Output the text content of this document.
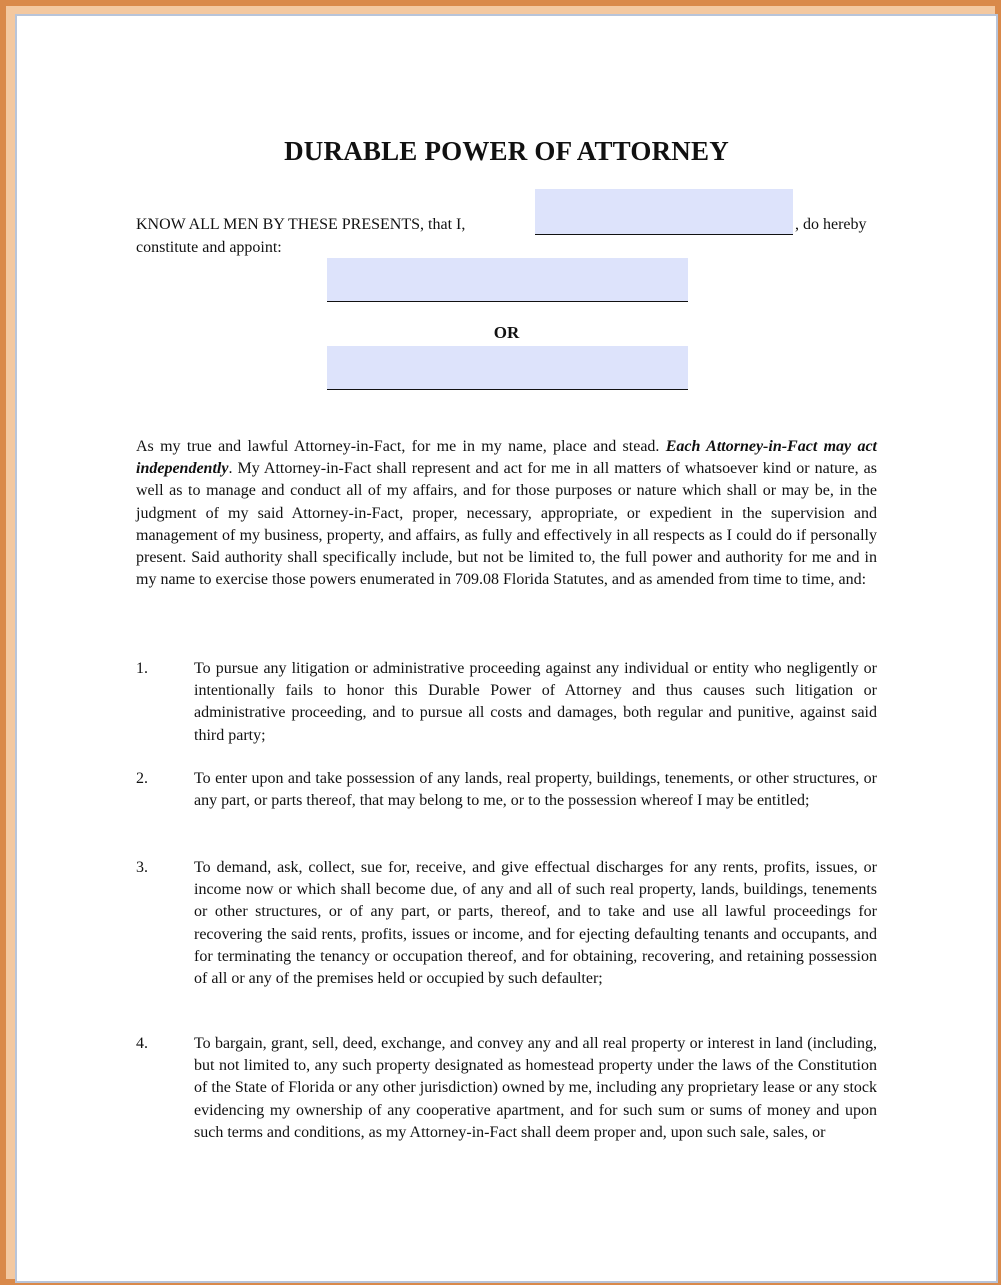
DURABLE POWER OF ATTORNEY
KNOW ALL MEN BY THESE PRESENTS, that I,	, do hereby
constitute and appoint:
OR
As my true and lawful Attorney-in-Fact, for me in my name, place and stead. Each Attorney-in-Fact may act independently. My Attorney-in-Fact shall represent and act for me in all matters of whatsoever kind or nature, as well as to manage and conduct all of my affairs, and for those purposes or nature which shall or may be, in the judgment of my said Attorney-in-Fact, proper, necessary, appropriate, or expedient in the supervision and management of my business, property, and affairs, as fully and effectively in all respects as I could do if personally present. Said authority shall specifically include, but not be limited to, the full power and authority for me and in my name to exercise those powers enumerated in 709.08 Florida Statutes, and as amended from time to time, and:
1.	To pursue any litigation or administrative proceeding against any individual or entity who negligently or intentionally fails to honor this Durable Power of Attorney and thus causes such litigation or administrative proceeding, and to pursue all costs and damages, both regular and punitive, against said third party;
2.	To enter upon and take possession of any lands, real property, buildings, tenements, or other structures, or any part, or parts thereof, that may belong to me, or to the possession whereof I may be entitled;
3.	To demand, ask, collect, sue for, receive, and give effectual discharges for any rents, profits, issues, or income now or which shall become due, of any and all of such real property, lands, buildings, tenements or other structures, or of any part, or parts, thereof, and to take and use all lawful proceedings for recovering the said rents, profits, issues or income, and for ejecting defaulting tenants and occupants, and for terminating the tenancy or occupation thereof, and for obtaining, recovering, and retaining possession of all or any of the premises held or occupied by such defaulter;
4.	To bargain, grant, sell, deed, exchange, and convey any and all real property or interest in land (including, but not limited to, any such property designated as homestead property under the laws of the Constitution of the State of Florida or any other jurisdiction) owned by me, including any proprietary lease or any stock evidencing my ownership of any cooperative apartment, and for such sum or sums of money and upon such terms and conditions, as my Attorney-in-Fact shall deem proper and, upon such sale, sales, or
